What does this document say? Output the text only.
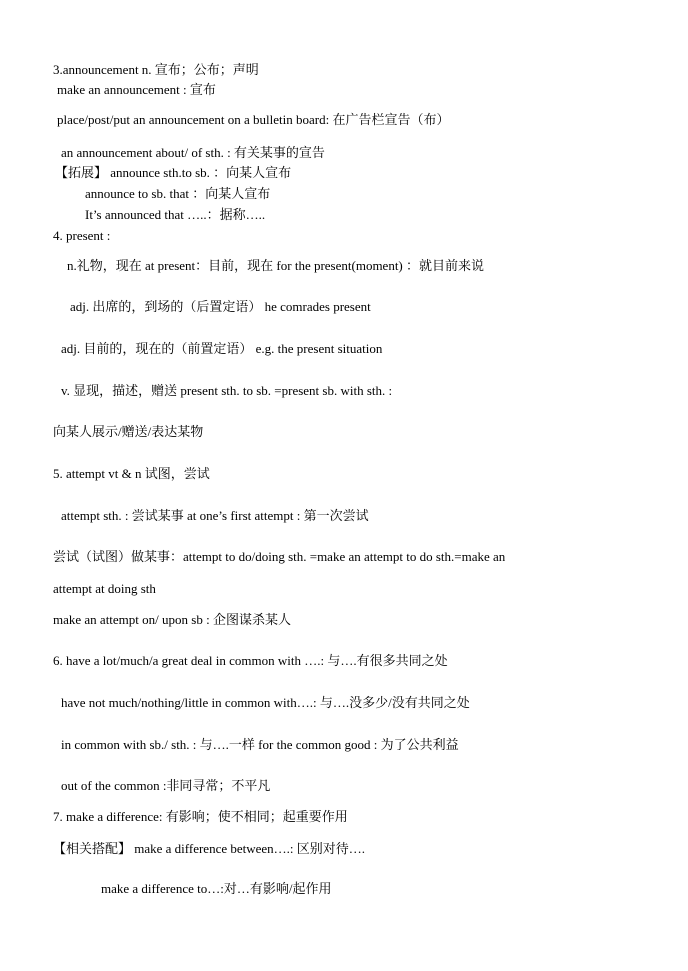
3.announcement n. 宣布；公布；声明
make an announcement : 宣布
place/post/put an announcement on a bulletin board: 在广告栏宣告（布）
an announcement about/ of sth. : 有关某事的宣告
【拓展】 announce sth.to sb. ：向某人宣布
announce to sb. that ：向某人宣布
It’s announced that …..：据称…..
4. present :
n.礼物，现在 at present：目前，现在 for the present(moment) ：就目前来说
adj. 出席的，到场的（后置定语） he comrades present
adj. 目前的，现在的（前置定语） e.g. the present situation
v. 显现，描述，赠送 present sth. to sb. =present sb. with sth. :
向某人展示/赠送/表达某物
5. attempt vt & n 试图，尝试
attempt sth. : 尝试某事 at one’s first attempt : 第一次尝试
尝试（试图）做某事：attempt to do/doing sth. =make an attempt to do sth.=make an
attempt at doing sth
make an attempt on/ upon sb : 企图谋杀某人
6. have a lot/much/a great deal in common with ….: 与….有很多共同之处
have not much/nothing/little in common with….: 与….没多少/没有共同之处
in common with sb./ sth. : 与….一样 for the common good : 为了公共利益
out of the common :非同寻常；不平凡
7. make a difference: 有影响；使不相同；起重要作用
【相关搭配】 make a difference between….: 区别对待….
make a difference to…:对…有影响/起作用
